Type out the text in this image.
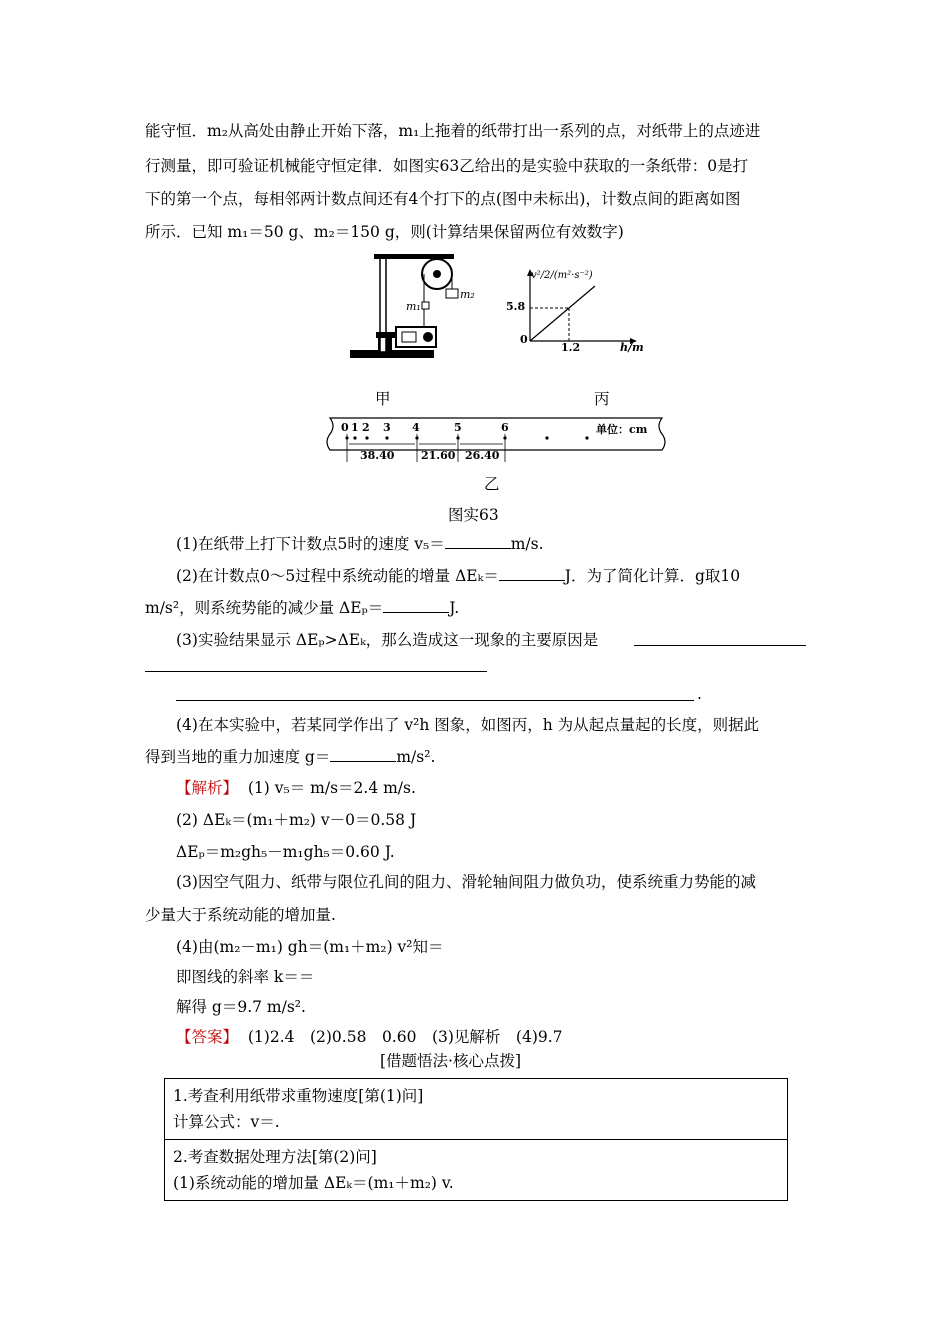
能守恒．m₂从高处由静止开始下落，m₁上拖着的纸带打出一系列的点，对纸带上的点迹进
行测量，即可验证机械能守恒定律．如图实63乙给出的是实验中获取的一条纸带：0是打
下的第一个点，每相邻两计数点间还有4个打下的点(图中未标出)，计数点间的距离如图
所示．已知 m₁＝50 g、m₂＝150 g，则(计算结果保留两位有效数字)
m₁
m₂
v²/2/(m²·s⁻²)
5.8
0
1.2	h/m
甲	丙
0 1 2 3 4	5	6	单位：cm
38.40 21.60 26.40
乙
图实63
(1)在纸带上打下计数点5时的速度 v₅＝	m/s.
(2)在计数点0～5过程中系统动能的增量 ΔEₖ＝	J．为了简化计算．g取10
m/s²，则系统势能的减少量 ΔEₚ＝	J.
(3)实验结果显示 ΔEₚ>ΔEₖ，那么造成这一现象的主要原因是
.
(4)在本实验中，若某同学作出了 v²h 图象，如图丙，h 为从起点量起的长度，则据此
得到当地的重力加速度 g＝	m/s².
【解析】 (1) v₅＝ m/s＝2.4 m/s.
(2) ΔEₖ＝(m₁＋m₂) v－0＝0.58 J
ΔEₚ＝m₂gh₅－m₁gh₅＝0.60 J.
(3)因空气阻力、纸带与限位孔间的阻力、滑轮轴间阻力做负功，使系统重力势能的减
少量大于系统动能的增加量.
(4)由(m₂－m₁) gh＝(m₁＋m₂) v²知＝
即图线的斜率 k＝＝
解得 g＝9.7 m/s².
【答案】 (1)2.4　(2)0.58　0.60　(3)见解析　(4)9.7
[借题悟法·核心点拨]
1.考查利用纸带求重物速度[第(1)问]
计算公式：v＝.
2.考查数据处理方法[第(2)问]
(1)系统动能的增加量 ΔEₖ＝(m₁＋m₂) v.
